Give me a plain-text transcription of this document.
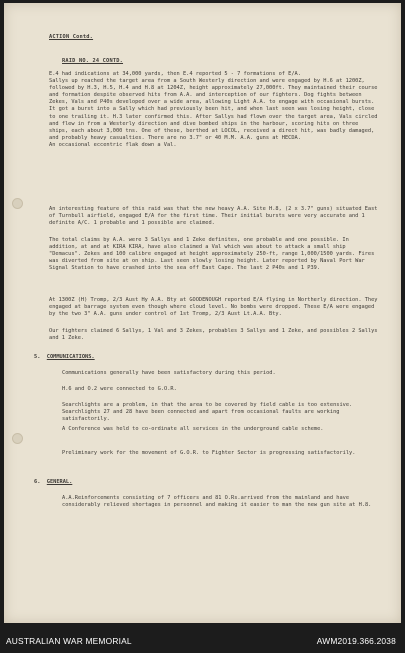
ACTION Contd.
RAID NO. 24 CONTD.
E.4 had indications at 34,000 yards, then E.4 reported 5 - 7 formations of E/A.
Sallys up reached the target area from a South Westerly direction and were engaged by H.6 at 1200Z, followed by H.3, H.5, H.4 and H.8 at 1204Z, height approximately 27,000ft. They maintained their course and formation despite observed hits from A.A. and interception of our fighters. Dog fights between Zekes, Vals and P40s developed over a wide area, allowing Light A.A. to engage with occasional bursts. It got a burst into a Sally which had previously been hit, and when last seen was losing height, close to one trailing it. H.3 later confirmed this. After Sallys had flown over the target area, Vals circled and flew in from a Westerly direction and dive bombed ships in the harbour, scoring hits on three ships, each about 3,000 tns. One of these, berthed at LOCOL, received a direct hit, was badly damaged, and probably heavy casualties. There are no 3.7" or 40 M.M. A.A. guns at HECDA.
An occasional eccentric flak down a Val.
An interesting feature of this raid was that the new heavy A.A. Site H.8, (2 x 3.7" guns) situated East of Turnbull airfield, engaged E/A for the first time. Their initial bursts were very accurate and 1 definite A/C. 1 probable and 1 possible are claimed.
The total claims by A.A. were 3 Sallys and 1 Zeke definites, one probable and one possible. In addition, at and at KIRA KIRA, have also claimed a Val which was about to attack a small ship "Demacus". Zekes and 100 calibre engaged at height approximately 250-ft, range 1,000/1500 yards. Fires was diverted from site at on ship. Last seen slowly losing height. Later reported by Naval Port War Signal Station to have crashed into the sea off East Cape. The last 2 P40s and 1 P39.
At 1300Z (H) Tromp, 2/3 Aust Hy A.A. Bty at GOODENOUGH reported E/A flying in Northerly direction. They engaged at barrage system even though where cloud level. No bombs were dropped. These E/A were engaged by the two 3" A.A. guns under control of 1st Tromp, 2/3 Aust Lt.A.A. Bty.
Our fighters claimed 6 Sallys, 1 Val and 3 Zekes, probables 3 Sallys and 1 Zeke, and possibles 2 Sallys and 1 Zeke.
5. COMMUNICATIONS.
Communications generally have been satisfactory during this period.
H.6 and O.2 were connected to G.O.R.
Searchlights are a problem, in that the area to be covered by field cable is too extensive. Searchlights 27 and 28 have been connected and apart from occasional faults are working satisfactorily.
A Conference was held to co-ordinate all services in the underground cable scheme.
Preliminary work for the movement of G.O.R. to Fighter Sector is progressing satisfactorily.
6. GENERAL.
A.A.Reinforcements consisting of 7 officers and 81 O.Rs.arrived from the mainland and have considerably relieved shortages in personnel and making it easier to man the new gun site at H.8.
AUSTRALIAN WAR MEMORIAL	AWM2019.366.2038
